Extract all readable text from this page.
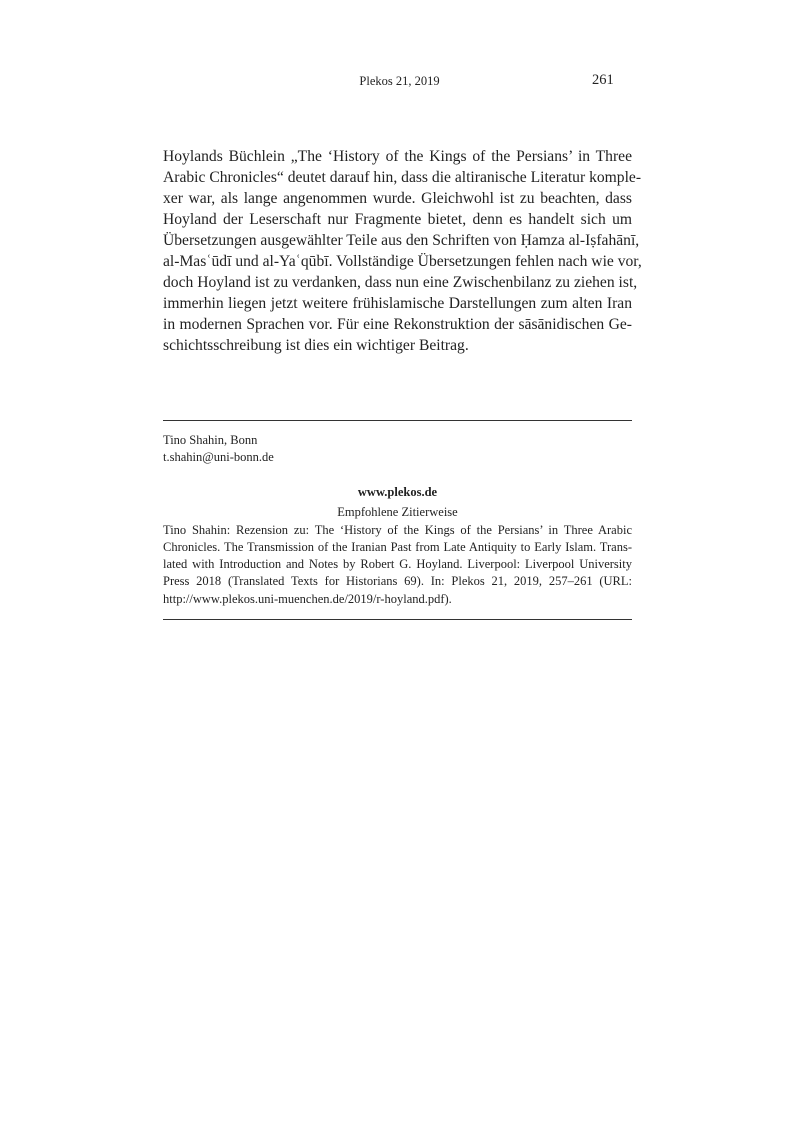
Plekos 21, 2019	261
Hoylands Büchlein „The ‘History of the Kings of the Persians’ in Three
Arabic Chronicles“ deutet darauf hin, dass die altiranische Literatur komple-
xer war, als lange angenommen wurde. Gleichwohl ist zu beachten, dass
Hoyland der Leserschaft nur Fragmente bietet, denn es handelt sich um
Übersetzungen ausgewählter Teile aus den Schriften von Ḥamza al-Iṣfahānī,
al-Masʿūdī und al-Yaʿqūbī. Vollständige Übersetzungen fehlen nach wie vor,
doch Hoyland ist zu verdanken, dass nun eine Zwischenbilanz zu ziehen ist,
immerhin liegen jetzt weitere frühislamische Darstellungen zum alten Iran
in modernen Sprachen vor. Für eine Rekonstruktion der sāsānidischen Ge-
schichtsschreibung ist dies ein wichtiger Beitrag.
Tino Shahin, Bonn
t.shahin@uni-bonn.de
www.plekos.de
Empfohlene Zitierweise
Tino Shahin: Rezension zu: The ‘History of the Kings of the Persians’ in Three Arabic
Chronicles. The Transmission of the Iranian Past from Late Antiquity to Early Islam. Trans-
lated with Introduction and Notes by Robert G. Hoyland. Liverpool: Liverpool University
Press 2018 (Translated Texts for Historians 69). In: Plekos 21, 2019, 257–261 (URL:
http://www.plekos.uni-muenchen.de/2019/r-hoyland.pdf).
